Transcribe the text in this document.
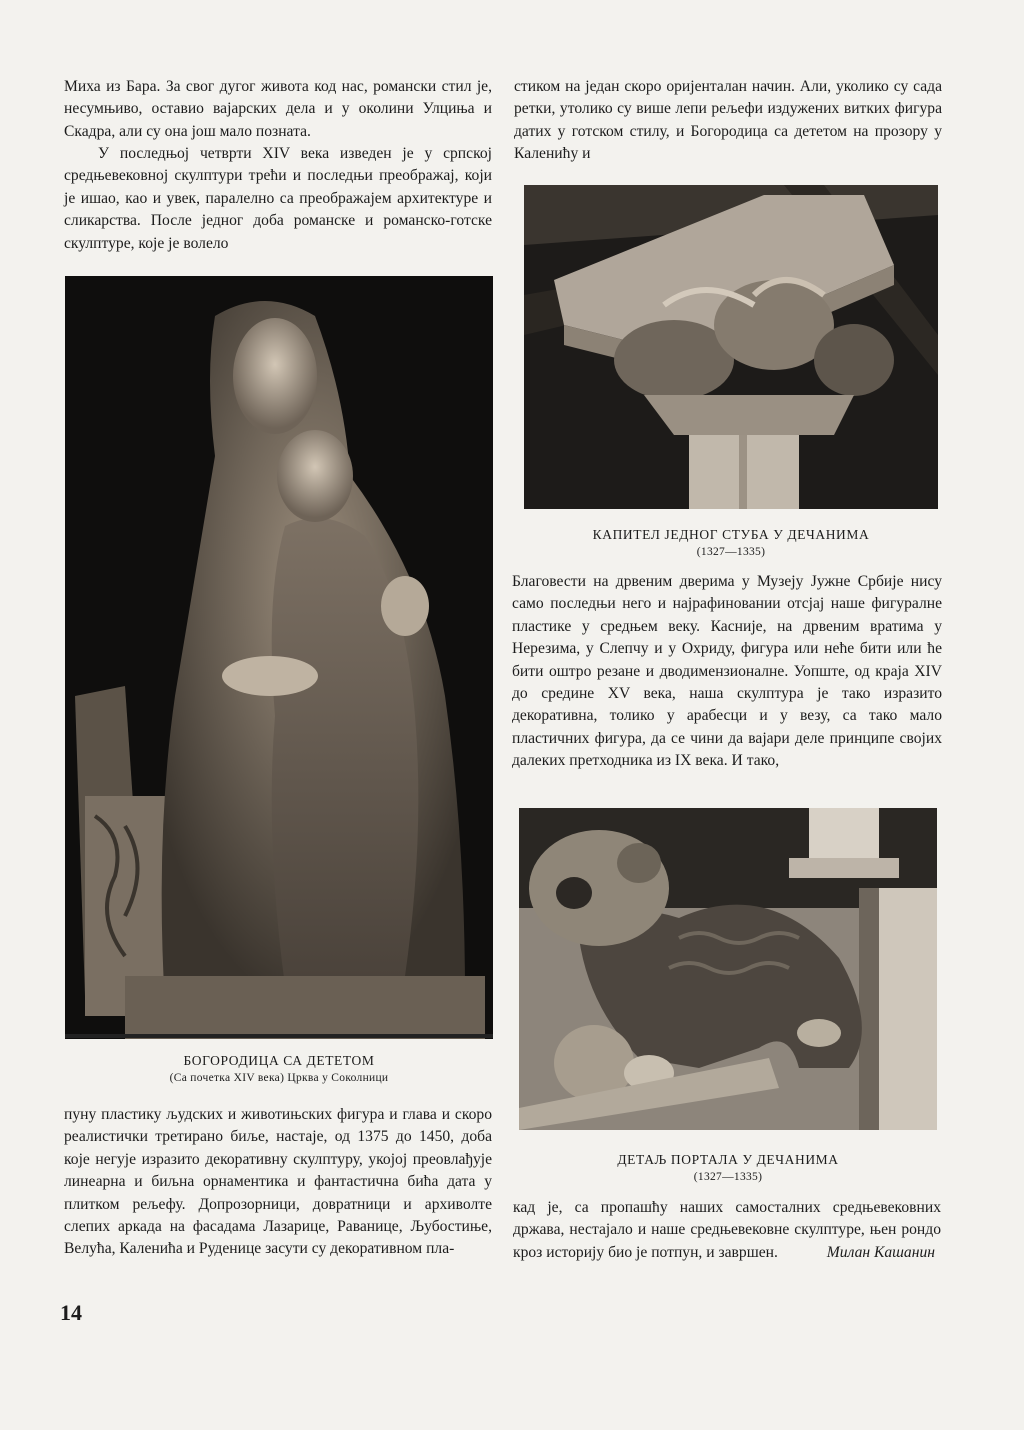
Миха из Бара. За свог дугог живота код нас, романски стил је, несумњиво, оставио вајарских дела и у околини Улциња и Скадра, али су она још мало позната.

У последњој четврти XIV века изведен је у српској средњевековној скулптури трећи и последњи преображај, који је ишао, као и увек, паралелно са преображајем архитектуре и сликарства. После једног доба романске и романско-готске скулптуре, које је волело

БОГОРОДИЦА СА ДЕТЕТОМ
(Са почетка XIV века) Црква у Соколници

пуну пластику људских и животињских фигура и глава и скоро реалистички третирано биље, настаје, од 1375 до 1450, доба које негује изразито декоративну скулптуру, укојој преовлађује линеарна и биљна орнаментика и фантастична бића дата у плитком рељефу. Допрозорници, довратници и архиволте слепих аркада на фасадама Лазарице, Раванице, Љубостиње, Велућа, Каленића и Руденице засути су декоративном пла-

стиком на један скоро оријенталан начин. Али, уколико су сада ретки, утолико су више лепи рељефи издужених витких фигура датих у готском стилу, и Богородица са дететом на прозору у Каленићу и

КАПИТЕЛ ЈЕДНОГ СТУБА У ДЕЧАНИМА
(1327—1335)

Благовести на дрвеним дверима у Музеју Јужне Србије нису само последњи него и најрафиновании отсјај наше фигуралне пластике у средњем веку. Касније, на дрвеним вратима у Нерезима, у Слепчу и у Охриду, фигура или неће бити или ће бити оштро резане и дводимензионалне. Уопште, од краја XIV до средине XV века, наша скулптура је тако изразито декоративна, толико у арабесци и у везу, са тако мало пластичних фигура, да се чини да вајари деле принципе својих далеких претходника из IX века. И тако,

ДЕТАЉ ПОРТАЛА У ДЕЧАНИМА
(1327—1335)

кад је, са пропашћу наших самосталних средњевековних држава, нестајало и наше средњевековне скулптуре, њен рондо кроз историју био је потпун, и завршен.	Милан Кашанин

14
